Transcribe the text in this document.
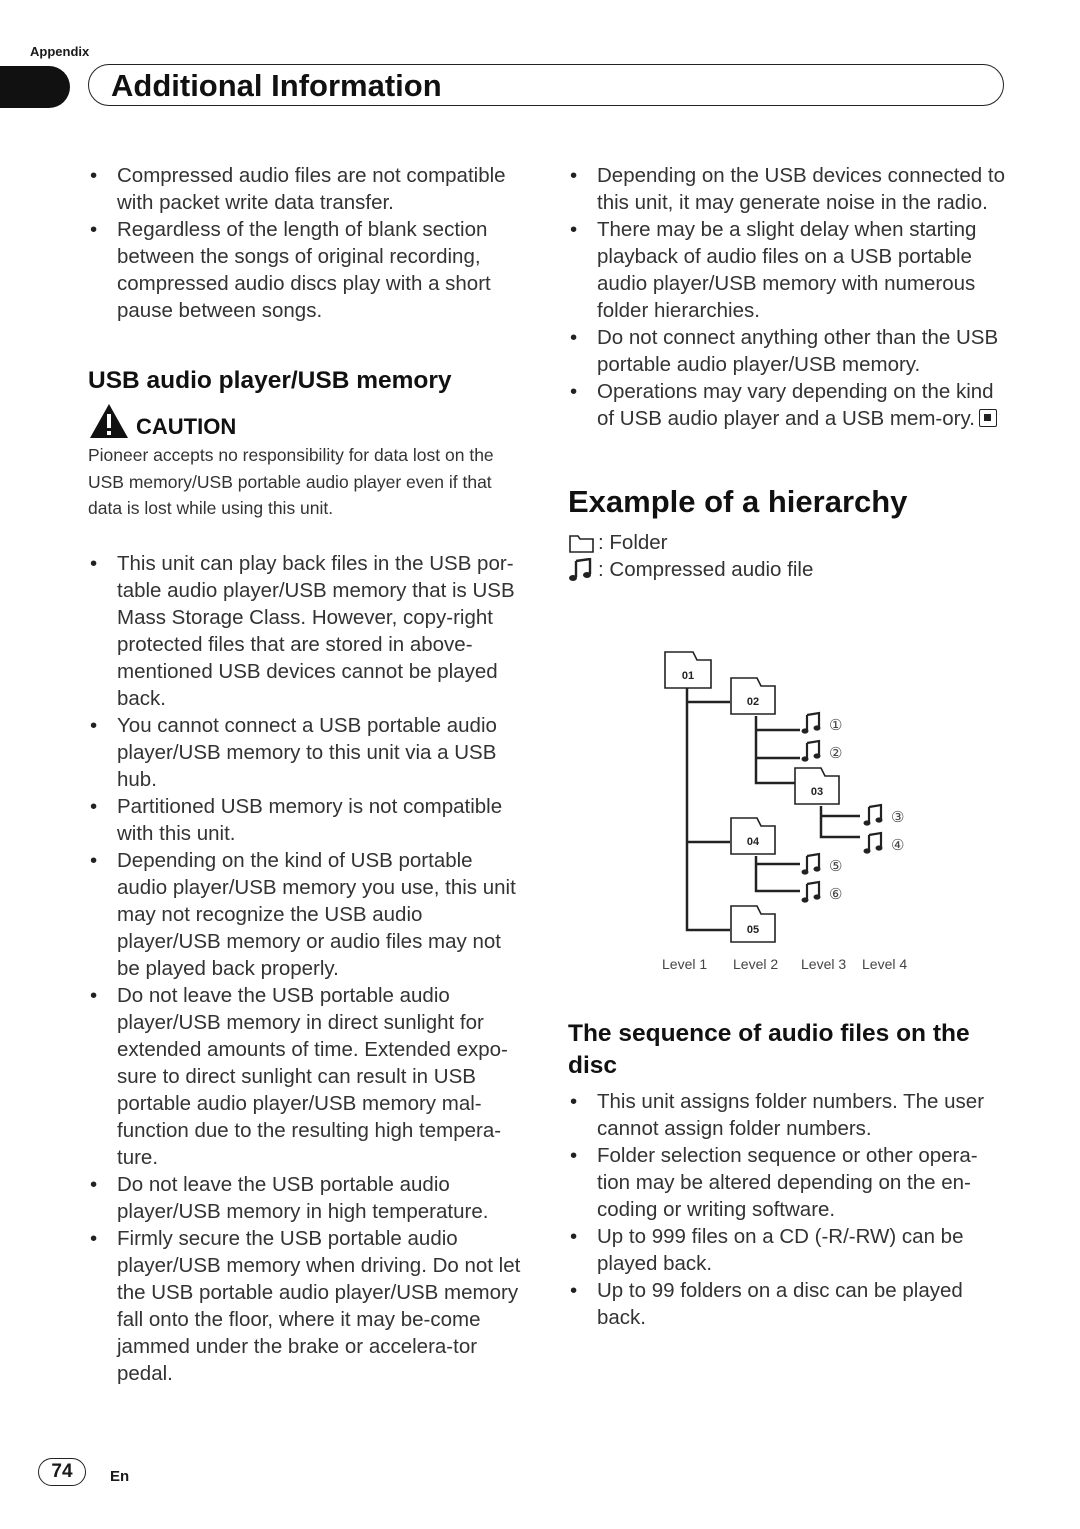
Appendix
Additional Information
• Compressed audio files are not compatible with packet write data transfer.
• Regardless of the length of blank section between the songs of original recording, compressed audio discs play with a short pause between songs.
USB audio player/USB memory
CAUTION
Pioneer accepts no responsibility for data lost on the USB memory/USB portable audio player even if that data is lost while using this unit.
• This unit can play back files in the USB por-table audio player/USB memory that is USB Mass Storage Class. However, copy-right protected files that are stored in above-mentioned USB devices cannot be played back.
• You cannot connect a USB portable audio player/USB memory to this unit via a USB hub.
• Partitioned USB memory is not compatible with this unit.
• Depending on the kind of USB portable audio player/USB memory you use, this unit may not recognize the USB audio player/USB memory or audio files may not be played back properly.
• Do not leave the USB portable audio player/USB memory in direct sunlight for extended amounts of time. Extended expo-sure to direct sunlight can result in USB portable audio player/USB memory mal-function due to the resulting high tempera-ture.
• Do not leave the USB portable audio player/USB memory in high temperature.
• Firmly secure the USB portable audio player/USB memory when driving. Do not let the USB portable audio player/USB memory fall onto the floor, where it may be-come jammed under the brake or accelera-tor pedal.
• Depending on the USB devices connected to this unit, it may generate noise in the radio.
• There may be a slight delay when starting playback of audio files on a USB portable audio player/USB memory with numerous folder hierarchies.
• Do not connect anything other than the USB portable audio player/USB memory.
• Operations may vary depending on the kind of USB audio player and a USB mem-ory.
Example of a hierarchy
: Folder
: Compressed audio file
01
02
03
04
05
①
②
③
④
⑤
⑥
Level 1 Level 2 Level 3 Level 4
The sequence of audio files on the disc
• This unit assigns folder numbers. The user cannot assign folder numbers.
• Folder selection sequence or other opera-tion may be altered depending on the en-coding or writing software.
• Up to 999 files on a CD (-R/-RW) can be played back.
• Up to 99 folders on a disc can be played back.
74	En
